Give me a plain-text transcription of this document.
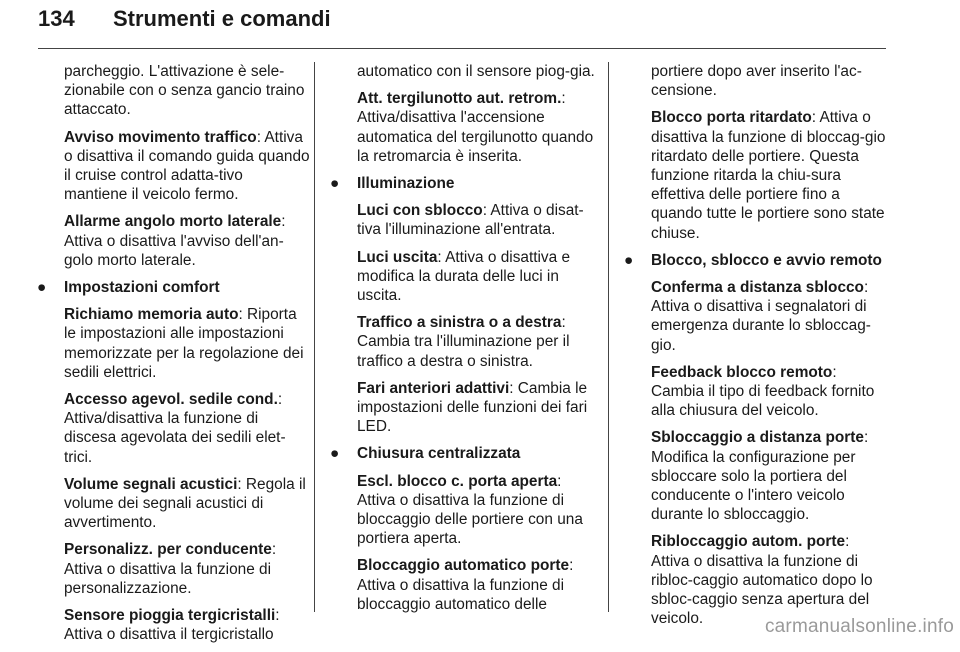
134 Strumenti e comandi

parcheggio. L'attivazione è sele-zionabile con o senza gancio traino attaccato.

Avviso movimento traffico: Attiva o disattiva il comando guida quando il cruise control adatta-tivo mantiene il veicolo fermo.

Allarme angolo morto laterale: Attiva o disattiva l'avviso dell'an-golo morto laterale.

● Impostazioni comfort

Richiamo memoria auto: Riporta le impostazioni alle impostazioni memorizzate per la regolazione dei sedili elettrici.

Accesso agevol. sedile cond.: Attiva/disattiva la funzione di discesa agevolata dei sedili elet-trici.

Volume segnali acustici: Regola il volume dei segnali acustici di avvertimento.

Personalizz. per conducente: Attiva o disattiva la funzione di personalizzazione.

Sensore pioggia tergicristalli: Attiva o disattiva il tergicristallo

automatico con il sensore piog-gia.

Att. tergilunotto aut. retrom.: Attiva/disattiva l'accensione automatica del tergilunotto quando la retromarcia è inserita.

● Illuminazione

Luci con sblocco: Attiva o disat-tiva l'illuminazione all'entrata.

Luci uscita: Attiva o disattiva e modifica la durata delle luci in uscita.

Traffico a sinistra o a destra: Cambia tra l'illuminazione per il traffico a destra o sinistra.

Fari anteriori adattivi: Cambia le impostazioni delle funzioni dei fari LED.

● Chiusura centralizzata

Escl. blocco c. porta aperta: Attiva o disattiva la funzione di bloccaggio delle portiere con una portiera aperta.

Bloccaggio automatico porte: Attiva o disattiva la funzione di bloccaggio automatico delle

portiere dopo aver inserito l'ac-censione.

Blocco porta ritardato: Attiva o disattiva la funzione di bloccag-gio ritardato delle portiere. Questa funzione ritarda la chiu-sura effettiva delle portiere fino a quando tutte le portiere sono state chiuse.

● Blocco, sblocco e avvio remoto

Conferma a distanza sblocco: Attiva o disattiva i segnalatori di emergenza durante lo sbloccag-gio.

Feedback blocco remoto: Cambia il tipo di feedback fornito alla chiusura del veicolo.

Sbloccaggio a distanza porte: Modifica la configurazione per sbloccare solo la portiera del conducente o l'intero veicolo durante lo sbloccaggio.

Ribloccaggio autom. porte: Attiva o disattiva la funzione di ribloc-caggio automatico dopo lo sbloc-caggio senza apertura del veicolo.	carmanualsonline.info
